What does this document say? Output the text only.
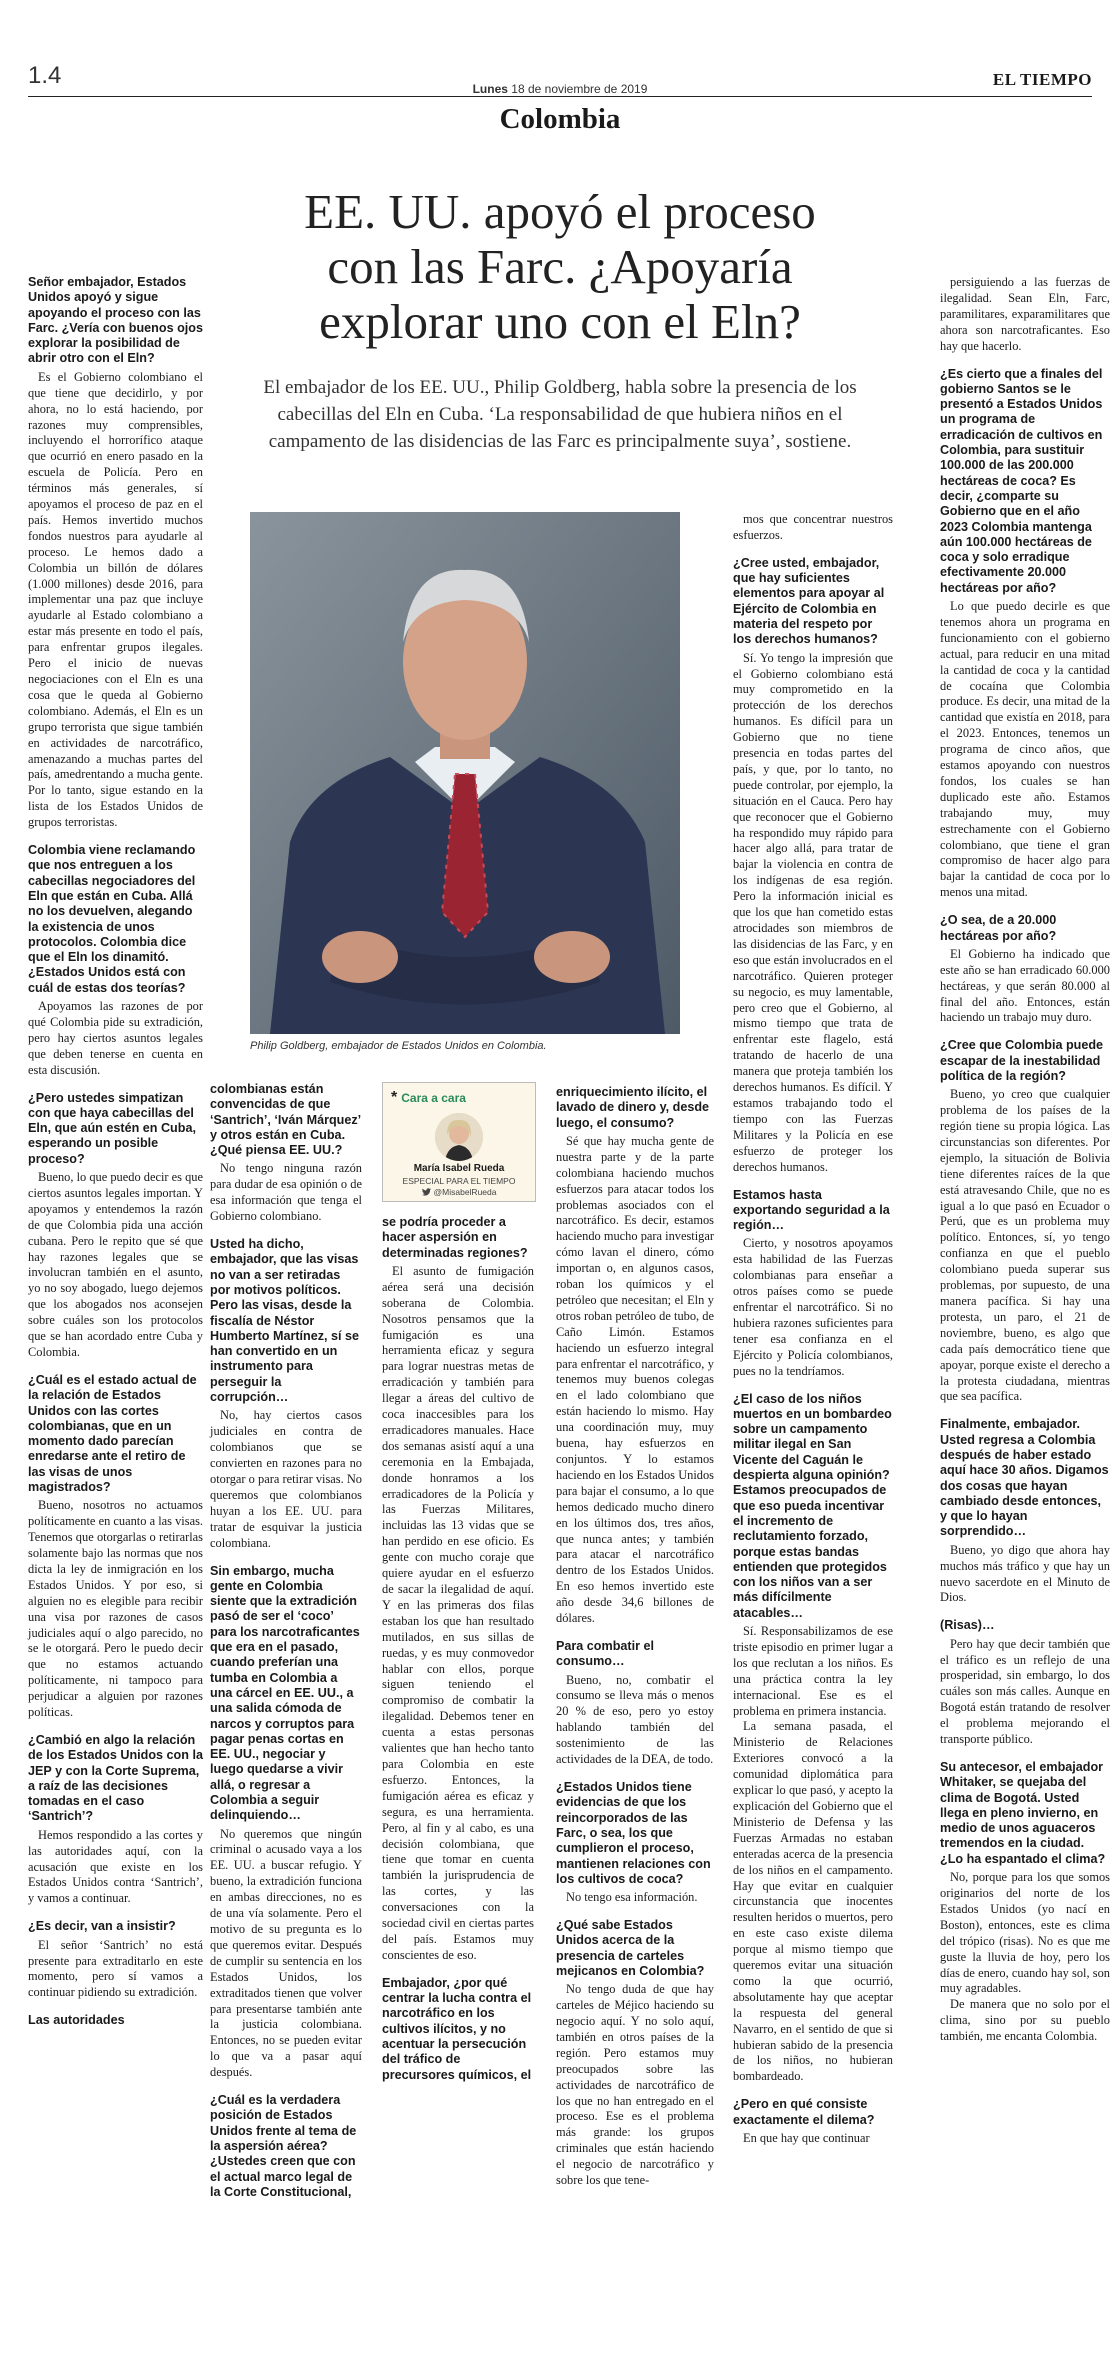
1.4	Lunes 18 de noviembre de 2019	EL TIEMPO
Colombia
EE. UU. apoyó el proceso
con las Farc. ¿Apoyaría
explorar uno con el Eln?
El embajador de los EE. UU., Philip Goldberg, habla sobre la presencia de los cabecillas del Eln en Cuba. ‘La responsabilidad de que hubiera niños en el campamento de las disidencias de las Farc es principalmente suya’, sostiene.
Philip Goldberg, embajador de Estados Unidos en Colombia.
* Cara a cara
María Isabel Rueda
ESPECIAL PARA EL TIEMPO
@MisabelRueda

Señor embajador, Estados Unidos apoyó y sigue apoyando el proceso con las Farc. ¿Vería con buenos ojos explorar la posibilidad de abrir otro con el Eln?

Es el Gobierno colombiano el que tiene que decidirlo, y por ahora, no lo está haciendo, por razones muy comprensibles, incluyendo el horrorífico ataque que ocurrió en enero pasado en la escuela de Policía. Pero en términos más generales, sí apoyamos el proceso de paz en el país. Hemos invertido muchos fondos nuestros para ayudarle al proceso. Le hemos dado a Colombia un billón de dólares (1.000 millones) desde 2016, para implementar una paz que incluye ayudarle al Estado colombiano a estar más presente en todo el país, para enfrentar grupos ilegales. Pero el inicio de nuevas negociaciones con el Eln es una cosa que le queda al Gobierno colombiano. Además, el Eln es un grupo terrorista que sigue también en actividades de narcotráfico, amenazando a muchas partes del país, amedrentando a mucha gente. Por lo tanto, sigue estando en la lista de los Estados Unidos de grupos terroristas.

Colombia viene reclamando que nos entreguen a los cabecillas negociadores del Eln que están en Cuba. Allá no los devuelven, alegando la existencia de unos protocolos. Colombia dice que el Eln los dinamitó. ¿Estados Unidos está con cuál de estas dos teorías?

Apoyamos las razones de por qué Colombia pide su extradición, pero hay ciertos asuntos legales que deben tenerse en cuenta en esta discusión.

¿Pero ustedes simpatizan con que haya cabecillas del Eln, que aún estén en Cuba, esperando un posible proceso?

Bueno, lo que puedo decir es que ciertos asuntos legales importan. Y apoyamos y entendemos la razón de que Colombia pida una acción cubana. Pero le repito que sé que hay razones legales que se involucran también en el asunto, yo no soy abogado, luego dejemos que los abogados nos aconsejen sobre cuáles son los protocolos que se han acordado entre Cuba y Colombia.

¿Cuál es el estado actual de la relación de Estados Unidos con las cortes colombianas, que en un momento dado parecían enredarse ante el retiro de las visas de unos magistrados?

Bueno, nosotros no actuamos políticamente en cuanto a las visas. Tenemos que otorgarlas o retirarlas solamente bajo las normas que nos dicta la ley de inmigración en los Estados Unidos. Y por eso, si alguien no es elegible para recibir una visa por razones de casos judiciales aquí o algo parecido, no se le otorgará. Pero le puedo decir que no estamos actuando políticamente, ni tampoco para perjudicar a alguien por razones políticas.

¿Cambió en algo la relación de los Estados Unidos con la JEP y con la Corte Suprema, a raíz de las decisiones tomadas en el caso ‘Santrich’?

Hemos respondido a las cortes y las autoridades aquí, con la acusación que existe en los Estados Unidos contra ‘Santrich’, y vamos a continuar.

¿Es decir, van a insistir?

El señor ‘Santrich’ no está presente para extraditarlo en este momento, pero sí vamos a continuar pidiendo su extradición.

Las autoridades

colombianas están convencidas de que ‘Santrich’, ‘Iván Márquez’ y otros están en Cuba. ¿Qué piensa EE. UU.?

No tengo ninguna razón para dudar de esa opinión o de esa información que tenga el Gobierno colombiano.

Usted ha dicho, embajador, que las visas no van a ser retiradas por motivos políticos. Pero las visas, desde la fiscalía de Néstor Humberto Martínez, sí se han convertido en un instrumento para perseguir la corrupción…

No, hay ciertos casos judiciales en contra de colombianos que se convierten en razones para no otorgar o para retirar visas. No queremos que colombianos huyan a los EE. UU. para tratar de esquivar la justicia colombiana.

Sin embargo, mucha gente en Colombia siente que la extradición pasó de ser el ‘coco’ para los narcotraficantes que era en el pasado, cuando preferían una tumba en Colombia a una cárcel en EE. UU., a una salida cómoda de narcos y corruptos para pagar penas cortas en EE. UU., negociar y luego quedarse a vivir allá, o regresar a Colombia a seguir delinquiendo…

No queremos que ningún criminal o acusado vaya a los EE. UU. a buscar refugio. Y bueno, la extradición funciona en ambas direcciones, no es de una vía solamente. Pero el motivo de su pregunta es lo que queremos evitar. Después de cumplir su sentencia en los Estados Unidos, los extraditados tienen que volver para presentarse también ante la justicia colombiana. Entonces, no se pueden evitar lo que va a pasar aquí después.

¿Cuál es la verdadera posición de Estados Unidos frente al tema de la aspersión aérea? ¿Ustedes creen que con el actual marco legal de la Corte Constitucional,

se podría proceder a hacer aspersión en determinadas regiones?

El asunto de fumigación aérea será una decisión soberana de Colombia. Nosotros pensamos que la fumigación es una herramienta eficaz y segura para lograr nuestras metas de erradicación y también para llegar a áreas del cultivo de coca inaccesibles para los erradicadores manuales. Hace dos semanas asistí aquí a una ceremonia en la Embajada, donde honramos a los erradicadores de la Policía y las Fuerzas Militares, incluidas las 13 vidas que se han perdido en ese oficio. Es gente con mucho coraje que quiere ayudar en el esfuerzo de sacar la ilegalidad de aquí. Y en las primeras dos filas estaban los que han resultado mutilados, en sus sillas de ruedas, y es muy conmovedor hablar con ellos, porque siguen teniendo el compromiso de combatir la ilegalidad. Debemos tener en cuenta a estas personas valientes que han hecho tanto para Colombia en este esfuerzo. Entonces, la fumigación aérea es eficaz y segura, es una herramienta. Pero, al fin y al cabo, es una decisión colombiana, que tiene que tomar en cuenta también la jurisprudencia de las cortes, y las conversaciones con la sociedad civil en ciertas partes del país. Estamos muy conscientes de eso.

Embajador, ¿por qué centrar la lucha contra el narcotráfico en los cultivos ilícitos, y no acentuar la persecución del tráfico de precursores químicos, el

enriquecimiento ilícito, el lavado de dinero y, desde luego, el consumo?

Sé que hay mucha gente de nuestra parte y de la parte colombiana haciendo muchos esfuerzos para atacar todos los problemas asociados con el narcotráfico. Es decir, estamos haciendo mucho para investigar cómo lavan el dinero, cómo importan o, en algunos casos, roban los químicos y el petróleo que necesitan; el Eln y otros roban petróleo de tubo, de Caño Limón. Estamos haciendo un esfuerzo integral para enfrentar el narcotráfico, y tenemos muy buenos colegas en el lado colombiano que están haciendo lo mismo. Hay una coordinación muy, muy buena, hay esfuerzos en conjuntos. Y lo estamos haciendo en los Estados Unidos para bajar el consumo, a lo que hemos dedicado mucho dinero en los últimos dos, tres años, que nunca antes; y también para atacar el narcotráfico dentro de los Estados Unidos. En eso hemos invertido este año desde 34,6 billones de dólares.

Para combatir el consumo…

Bueno, no, combatir el consumo se lleva más o menos 20 % de eso, pero yo estoy hablando también del sostenimiento de las actividades de la DEA, de todo.

¿Estados Unidos tiene evidencias de que los reincorporados de las Farc, o sea, los que cumplieron el proceso, mantienen relaciones con los cultivos de coca?

No tengo esa información.

¿Qué sabe Estados Unidos acerca de la presencia de carteles mejicanos en Colombia?

No tengo duda de que hay carteles de Méjico haciendo su negocio aquí. Y no solo aquí, también en otros países de la región. Pero estamos muy preocupados sobre las actividades de narcotráfico de los que no han entregado en el proceso. Ese es el problema más grande: los grupos criminales que están haciendo el negocio de narcotráfico y sobre los que tene-

mos que concentrar nuestros esfuerzos.

¿Cree usted, embajador, que hay suficientes elementos para apoyar al Ejército de Colombia en materia del respeto por los derechos humanos?

Sí. Yo tengo la impresión que el Gobierno colombiano está muy comprometido en la protección de los derechos humanos. Es difícil para un Gobierno que no tiene presencia en todas partes del país, y que, por lo tanto, no puede controlar, por ejemplo, la situación en el Cauca. Pero hay que reconocer que el Gobierno ha respondido muy rápido para hacer algo allá, para tratar de bajar la violencia en contra de los indígenas de esa región. Pero la información inicial es que los que han cometido estas atrocidades son miembros de las disidencias de las Farc, y en eso que están involucrados en el narcotráfico. Quieren proteger su negocio, es muy lamentable, pero creo que el Gobierno, al mismo tiempo que trata de enfrentar este flagelo, está tratando de hacerlo de una manera que proteja también los derechos humanos. Es difícil. Y estamos trabajando todo el tiempo con las Fuerzas Militares y la Policía en ese esfuerzo de proteger los derechos humanos.

Estamos hasta exportando seguridad a la región…

Cierto, y nosotros apoyamos esta habilidad de las Fuerzas colombianas para enseñar a otros países como se puede enfrentar el narcotráfico. Si no hubiera razones suficientes para tener esa confianza en el Ejército y Policía colombianos, pues no la tendríamos.

¿El caso de los niños muertos en un bombardeo sobre un campamento militar ilegal en San Vicente del Caguán le despierta alguna opinión? Estamos preocupados de que eso pueda incentivar el incremento de reclutamiento forzado, porque estas bandas entienden que protegidos con los niños van a ser más difícilmente atacables…

Sí. Responsabilizamos de ese triste episodio en primer lugar a los que reclutan a los niños. Es una práctica contra la ley internacional. Ese es el problema en primera instancia.

La semana pasada, el Ministerio de Relaciones Exteriores convocó a la comunidad diplomática para explicar lo que pasó, y acepto la explicación del Gobierno que el Ministerio de Defensa y las Fuerzas Armadas no estaban enteradas acerca de la presencia de los niños en el campamento. Hay que evitar en cualquier circunstancia que inocentes resulten heridos o muertos, pero en este caso existe dilema porque al mismo tiempo que queremos evitar una situación como la que ocurrió, absolutamente hay que aceptar la respuesta del general Navarro, en el sentido de que si hubieran sabido de la presencia de los niños, no hubieran bombardeado.

¿Pero en qué consiste exactamente el dilema?

En que hay que continuar

persiguiendo a las fuerzas de ilegalidad. Sean Eln, Farc, paramilitares, exparamilitares que ahora son narcotraficantes. Eso hay que hacerlo.

¿Es cierto que a finales del gobierno Santos se le presentó a Estados Unidos un programa de erradicación de cultivos en Colombia, para sustituir 100.000 de las 200.000 hectáreas de coca? Es decir, ¿comparte su Gobierno que en el año 2023 Colombia mantenga aún 100.000 hectáreas de coca y solo erradique efectivamente 20.000 hectáreas por año?

Lo que puedo decirle es que tenemos ahora un programa en funcionamiento con el gobierno actual, para reducir en una mitad la cantidad de coca y la cantidad de cocaína que Colombia produce. Es decir, una mitad de la cantidad que existía en 2018, para el 2023. Entonces, tenemos un programa de cinco años, que estamos apoyando con nuestros fondos, los cuales se han duplicado este año. Estamos trabajando muy, muy estrechamente con el Gobierno colombiano, que tiene el gran compromiso de hacer algo para bajar la cantidad de coca por lo menos una mitad.

¿O sea, de a 20.000 hectáreas por año?

El Gobierno ha indicado que este año se han erradicado 60.000 hectáreas, y que serán 80.000 al final del año. Entonces, están haciendo un trabajo muy duro.

¿Cree que Colombia puede escapar de la inestabilidad política de la región?

Bueno, yo creo que cualquier problema de los países de la región tiene su propia lógica. Las circunstancias son diferentes. Por ejemplo, la situación de Bolivia tiene diferentes raíces de la que está atravesando Chile, que no es igual a lo que pasó en Ecuador o Perú, que es un problema muy político. Entonces, sí, yo tengo confianza en que el pueblo colombiano pueda superar sus problemas, por supuesto, de una manera pacífica. Si hay una protesta, un paro, el 21 de noviembre, bueno, es algo que cada país democrático tiene que apoyar, porque existe el derecho a la protesta ciudadana, mientras que sea pacífica.

Finalmente, embajador. Usted regresa a Colombia después de haber estado aquí hace 30 años. Digamos dos cosas que hayan cambiado desde entonces, y que lo hayan sorprendido…

Bueno, yo digo que ahora hay muchos más tráfico y que hay un nuevo sacerdote en el Minuto de Dios.

(Risas)…

Pero hay que decir también que el tráfico es un reflejo de una prosperidad, sin embargo, lo dos cuáles son más calles. Aunque en Bogotá están tratando de resolver el problema mejorando el transporte público.

Su antecesor, el embajador Whitaker, se quejaba del clima de Bogotá. Usted llega en pleno invierno, en medio de unos aguaceros tremendos en la ciudad. ¿Lo ha espantado el clima?

No, porque para los que somos originarios del norte de los Estados Unidos (yo nací en Boston), entonces, este es clima del trópico (risas). No es que me guste la lluvia de hoy, pero los días de enero, cuando hay sol, son muy agradables.

De manera que no solo por el clima, sino por su pueblo también, me encanta Colombia.
